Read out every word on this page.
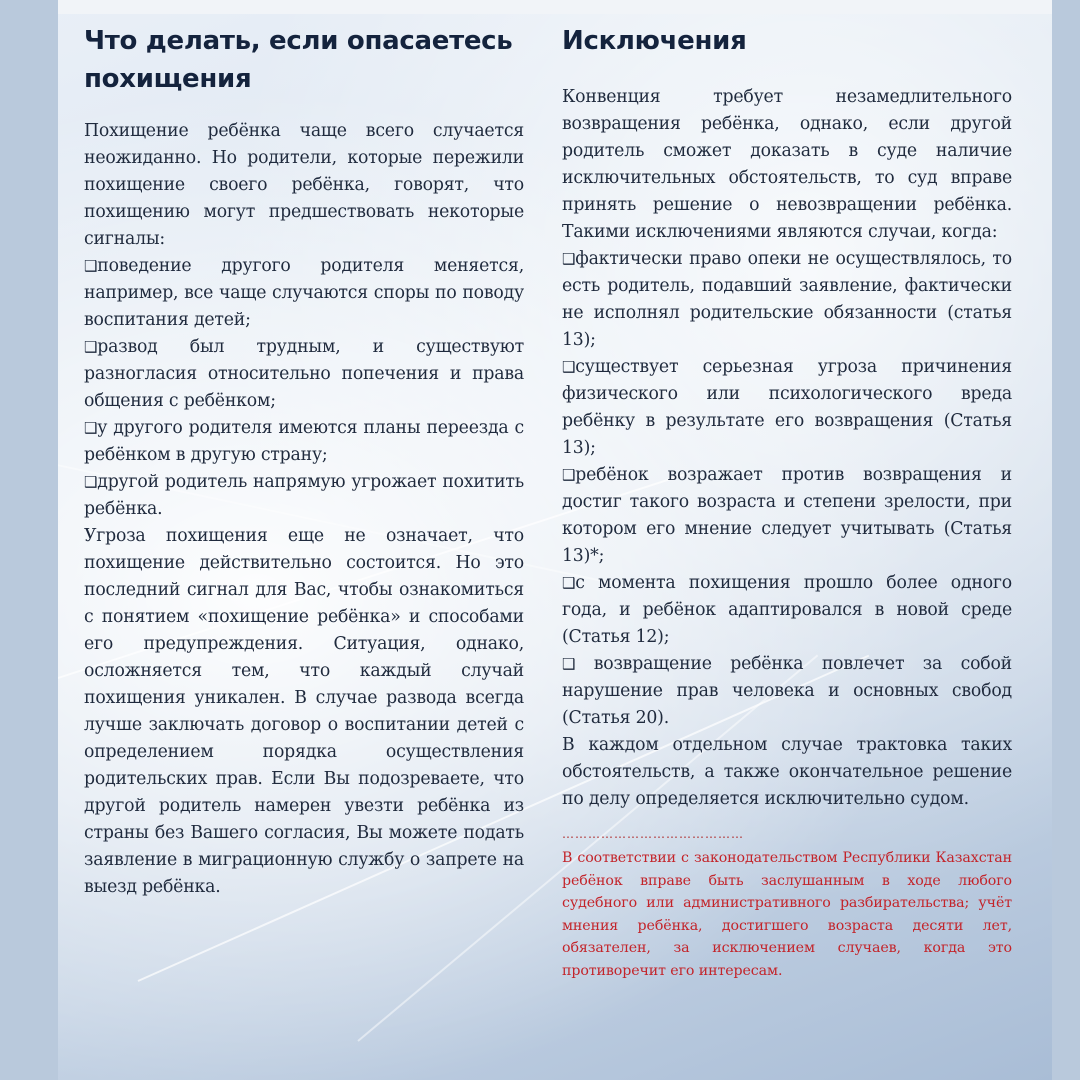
Что делать, если опасаетесь похищения

Похищение ребёнка чаще всего случается неожиданно. Но родители, которые пережили похищение своего ребёнка, говорят, что похищению могут предшествовать некоторые сигналы:

❑поведение другого родителя меняется, например, все чаще случаются споры по поводу воспитания детей;

❑развод был трудным, и существуют разногласия относительно попечения и права общения с ребёнком;

❑у другого родителя имеются планы переезда с ребёнком в другую страну;

❑другой родитель напрямую угрожает похитить ребёнка.

Угроза похищения еще не означает, что похищение действительно состоится. Но это последний сигнал для Вас, чтобы ознакомиться с понятием «похищение ребёнка» и способами его предупреждения. Ситуация, однако, осложняется тем, что каждый случай похищения уникален. В случае развода всегда лучше заключать договор о воспитании детей с определением порядка осуществления родительских прав. Если Вы подозреваете, что другой родитель намерен увезти ребёнка из страны без Вашего согласия, Вы можете подать заявление в миграционную службу о запрете на выезд ребёнка.

Исключения

Конвенция требует незамедлительного возвращения ребёнка, однако, если другой родитель сможет доказать в суде наличие исключительных обстоятельств, то суд вправе принять решение о невозвращении ребёнка. Такими исключениями являются случаи, когда:

❑фактически право опеки не осуществлялось, то есть родитель, подавший заявление, фактически не исполнял родительские обязанности (статья 13);

❑существует серьезная угроза причинения физического или психологического вреда ребёнку в результате его возвращения (Статья 13);

❑ребёнок возражает против возвращения и достиг такого возраста и степени зрелости, при котором его мнение следует учитывать (Статья 13)*;

❑с момента похищения прошло более одного года, и ребёнок адаптировался в новой среде (Статья 12);

❑ возвращение ребёнка повлечет за собой нарушение прав человека и основных свобод (Статья 20).

В каждом отдельном случае трактовка таких обстоятельств, а также окончательное решение по делу определяется исключительно судом.

……………………………………

В соответствии с законодательством Республики Казахстан ребёнок вправе быть заслушанным в ходе любого судебного или административного разбирательства; учёт мнения ребёнка, достигшего возраста десяти лет, обязателен, за исключением случаев, когда это противоречит его интересам.
